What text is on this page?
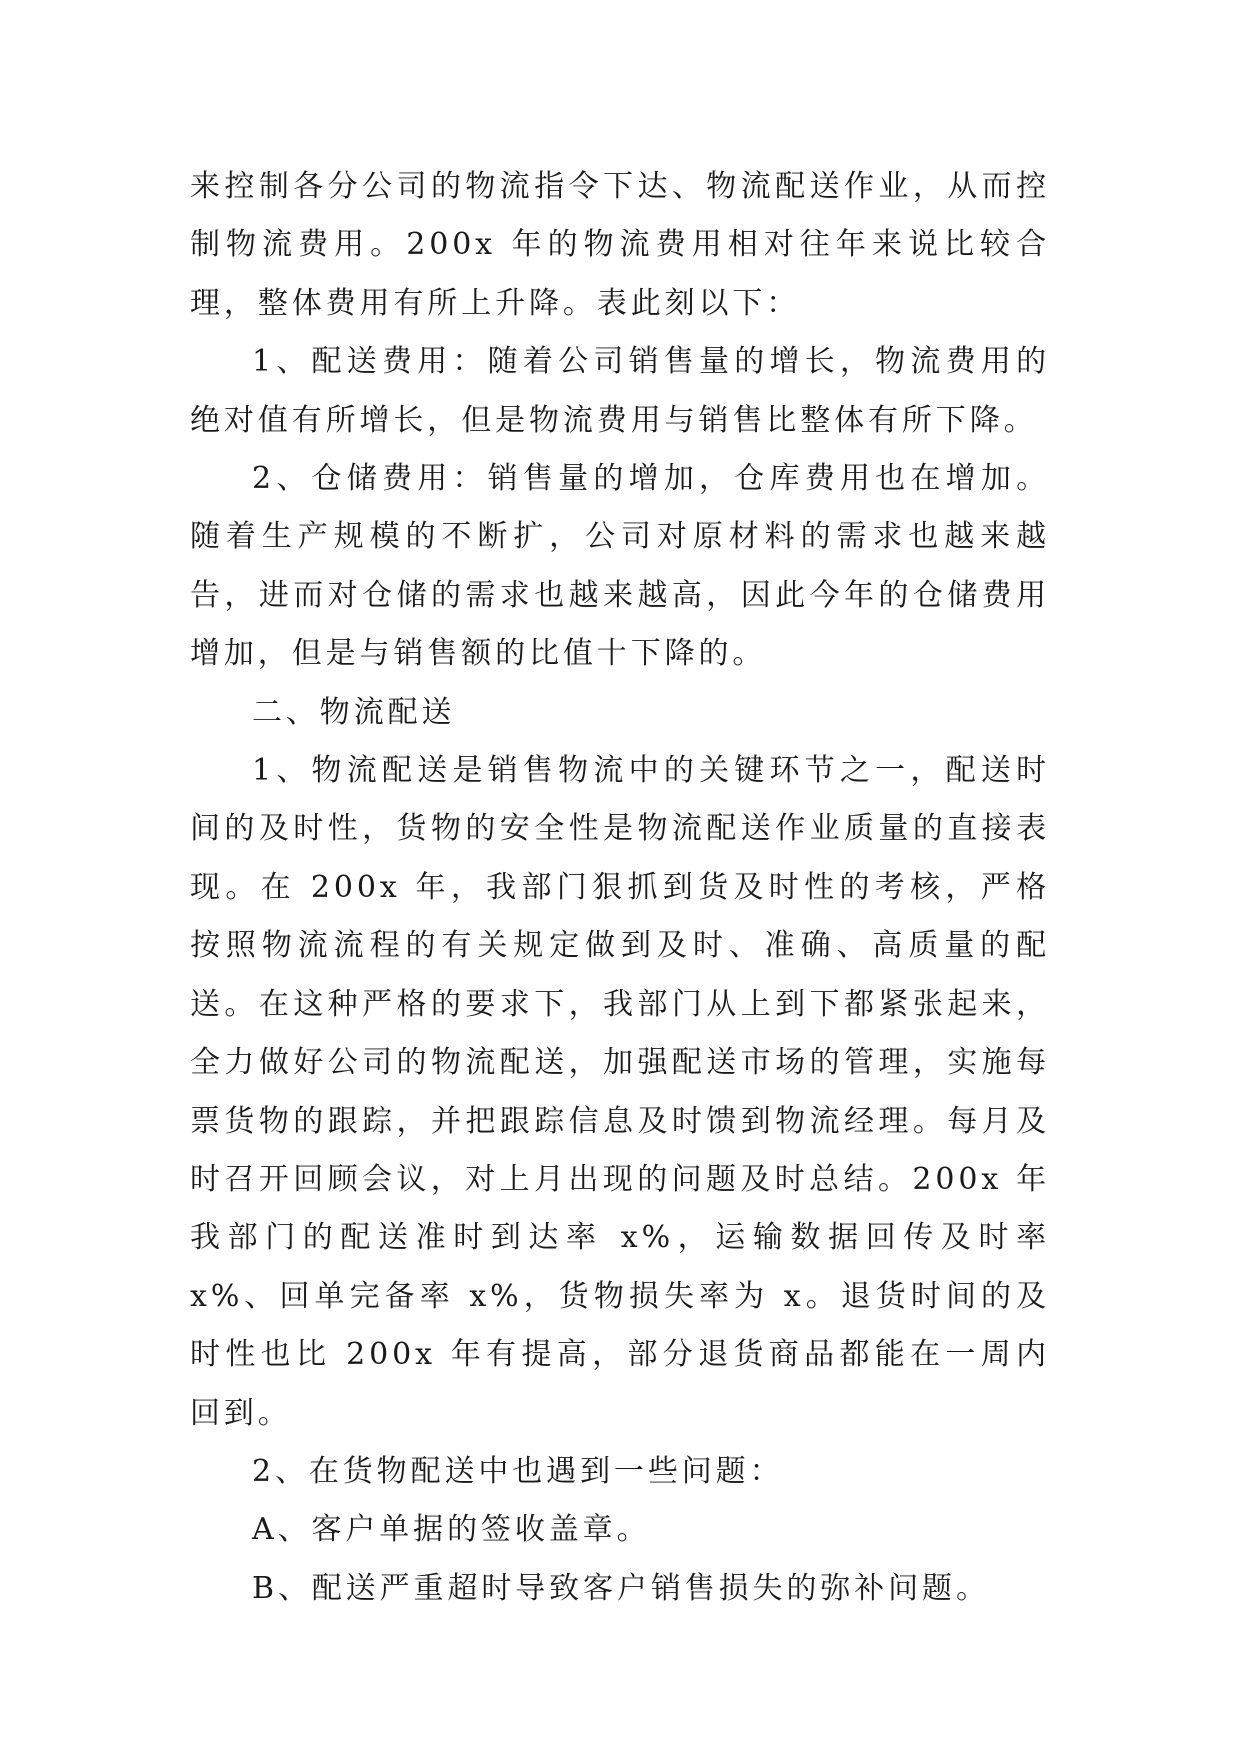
来控制各分公司的物流指令下达、物流配送作业，从而控制物流费用。200x 年的物流费用相对往年来说比较合理，整体费用有所上升降。表此刻以下：

1、配送费用：随着公司销售量的增长，物流费用的绝对值有所增长，但是物流费用与销售比整体有所下降。

2、仓储费用：销售量的增加，仓库费用也在增加。随着生产规模的不断扩，公司对原材料的需求也越来越告，进而对仓储的需求也越来越高，因此今年的仓储费用增加，但是与销售额的比值十下降的。

二、物流配送

1、物流配送是销售物流中的关键环节之一，配送时间的及时性，货物的安全性是物流配送作业质量的直接表现。在 200x 年，我部门狠抓到货及时性的考核，严格按照物流流程的有关规定做到及时、准确、高质量的配送。在这种严格的要求下，我部门从上到下都紧张起来，全力做好公司的物流配送，加强配送市场的管理，实施每票货物的跟踪，并把跟踪信息及时馈到物流经理。每月及时召开回顾会议，对上月出现的问题及时总结。200x 年我部门的配送准时到达率 x%，运输数据回传及时率 x%、回单完备率 x%，货物损失率为 x。退货时间的及时性也比 200x 年有提高，部分退货商品都能在一周内回到。

2、在货物配送中也遇到一些问题：

A、客户单据的签收盖章。

B、配送严重超时导致客户销售损失的弥补问题。
